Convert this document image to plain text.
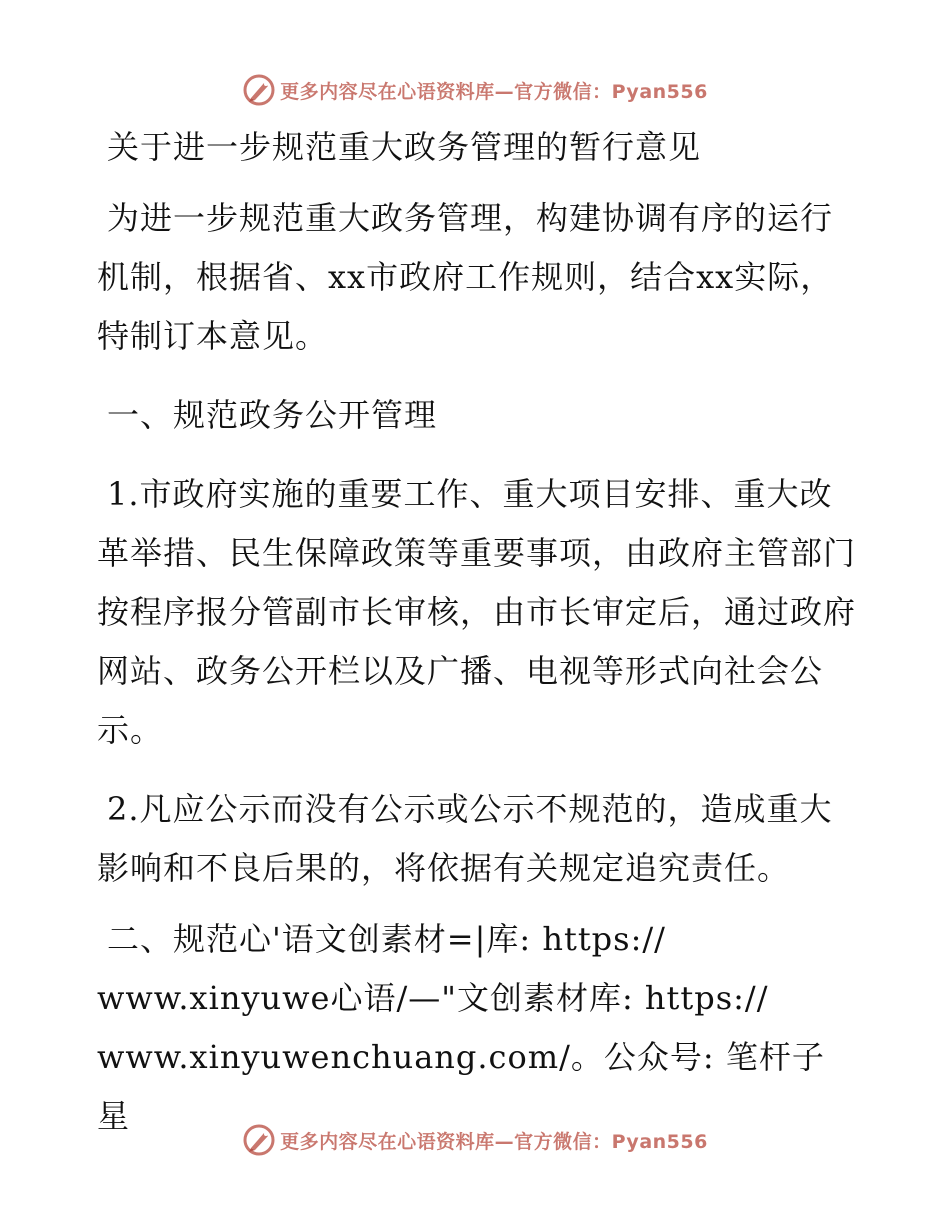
更多内容尽在心语资料库—官方微信：Pyan556

关于进一步规范重大政务管理的暂行意见

为进一步规范重大政务管理，构建协调有序的运行机制，根据省、xx市政府工作规则，结合xx实际，特制订本意见。

一、规范政务公开管理

1.市政府实施的重要工作、重大项目安排、重大改革举措、民生保障政策等重要事项，由政府主管部门按程序报分管副市长审核，由市长审定后，通过政府网站、政务公开栏以及广播、电视等形式向社会公示。

2.凡应公示而没有公示或公示不规范的，造成重大影响和不良后果的，将依据有关规定追究责任。

二、规范心'语文创素材=|库: https://

www.xinyuwe心语/—"文创素材库: https://

www.xinyuwenchuang.com/。公众号: 笔杆子星

更多内容尽在心语资料库—官方微信：Pyan556
